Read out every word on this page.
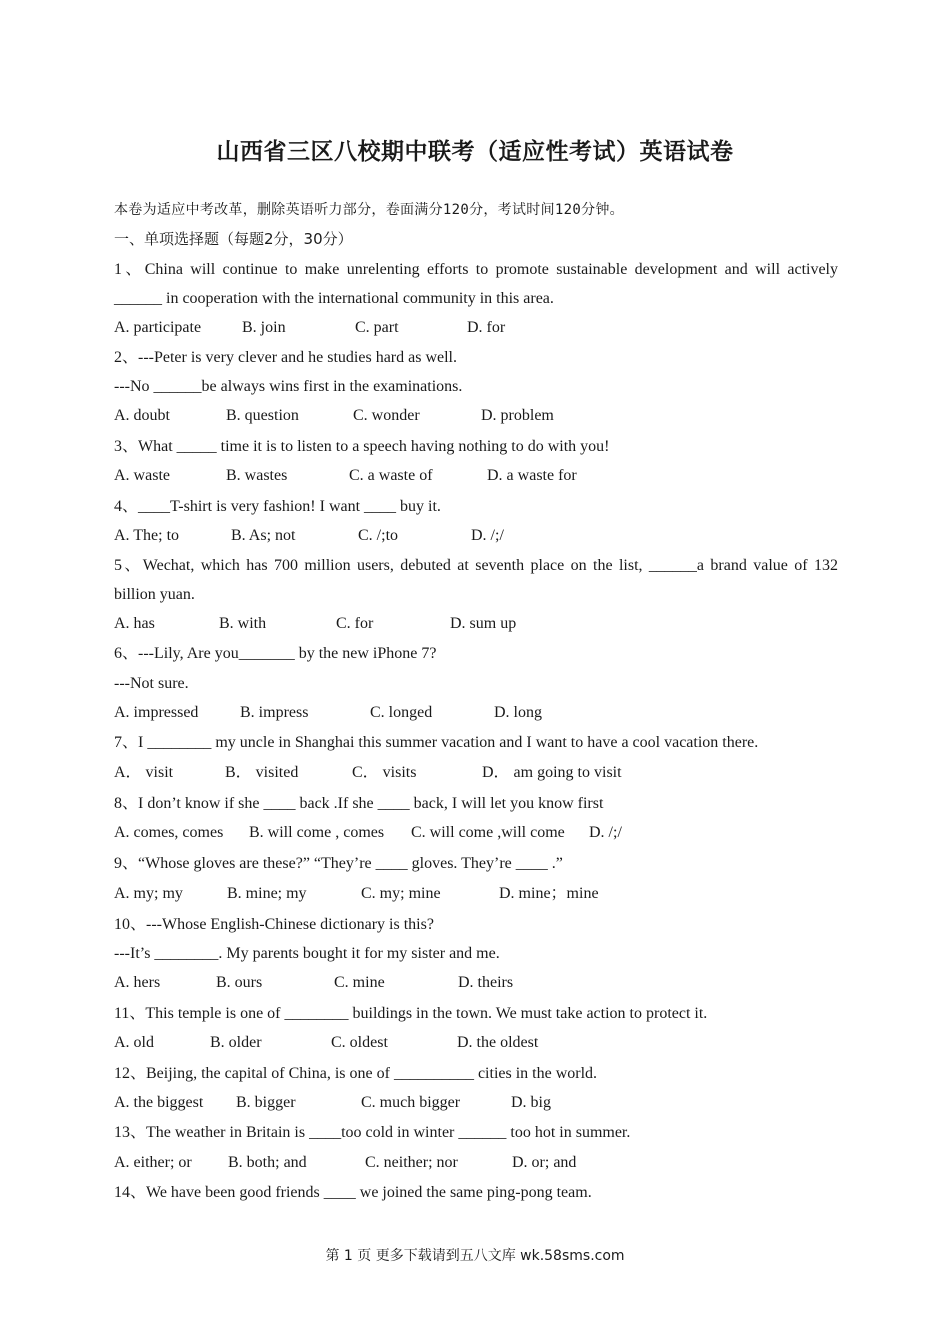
山西省三区八校期中联考（适应性考试）英语试卷
本卷为适应中考改革，删除英语听力部分，卷面满分120分，考试时间120分钟。
一、单项选择题（每题2分，30分）
1、China will continue to make unrelenting efforts to promote sustainable development and will actively
______ in cooperation with the international community in this area.
A. participate	B. join	C. part	D. for
2、---Peter is very clever and he studies hard as well.
---No ______be always wins first in the examinations.
A. doubt	B. question	C. wonder	D. problem
3、What _____ time it is to listen to a speech having nothing to do with you!
A. waste	B. wastes	C. a waste of	D. a waste for
4、____T-shirt is very fashion! I want ____ buy it.
A. The; to	B. As; not	C. /;to	D. /;/
5、Wechat, which has 700 million users, debuted at seventh place on the list, ______a brand value of 132
billion yuan.
A. has	B. with	C. for	D. sum up
6、---Lily, Are you_______ by the new iPhone 7?
---Not sure.
A. impressed	B. impress	C. longed	D. long
7、I ________ my uncle in Shanghai this summer vacation and I want to have a cool vacation there.
A． visit	B． visited	C． visits	D． am going to visit
8、I don’t know if she ____ back .If she ____ back, I will let you know first
A. comes, comes B. will come , comes C. will come ,will come D. /;/
9、“Whose gloves are these?” “They’re ____ gloves. They’re ____ .”
A. my; my	B. mine; my	C. my; mine	D. mine；mine
10、---Whose English-Chinese dictionary is this?
---It’s ________. My parents bought it for my sister and me.
A. hers	B. ours	C. mine	D. theirs
11、This temple is one of ________ buildings in the town. We must take action to protect it.
A. old	B. older	C. oldest	D. the oldest
12、Beijing, the capital of China, is one of __________ cities in the world.
A. the biggest B. bigger	C. much bigger	D. big
13、The weather in Britain is ____too cold in winter ______ too hot in summer.
A. either; or B. both; and	C. neither; nor	D. or; and
14、We have been good friends ____ we joined the same ping-pong team.
第 1 页 更多下载请到五八文库 wk.58sms.com
